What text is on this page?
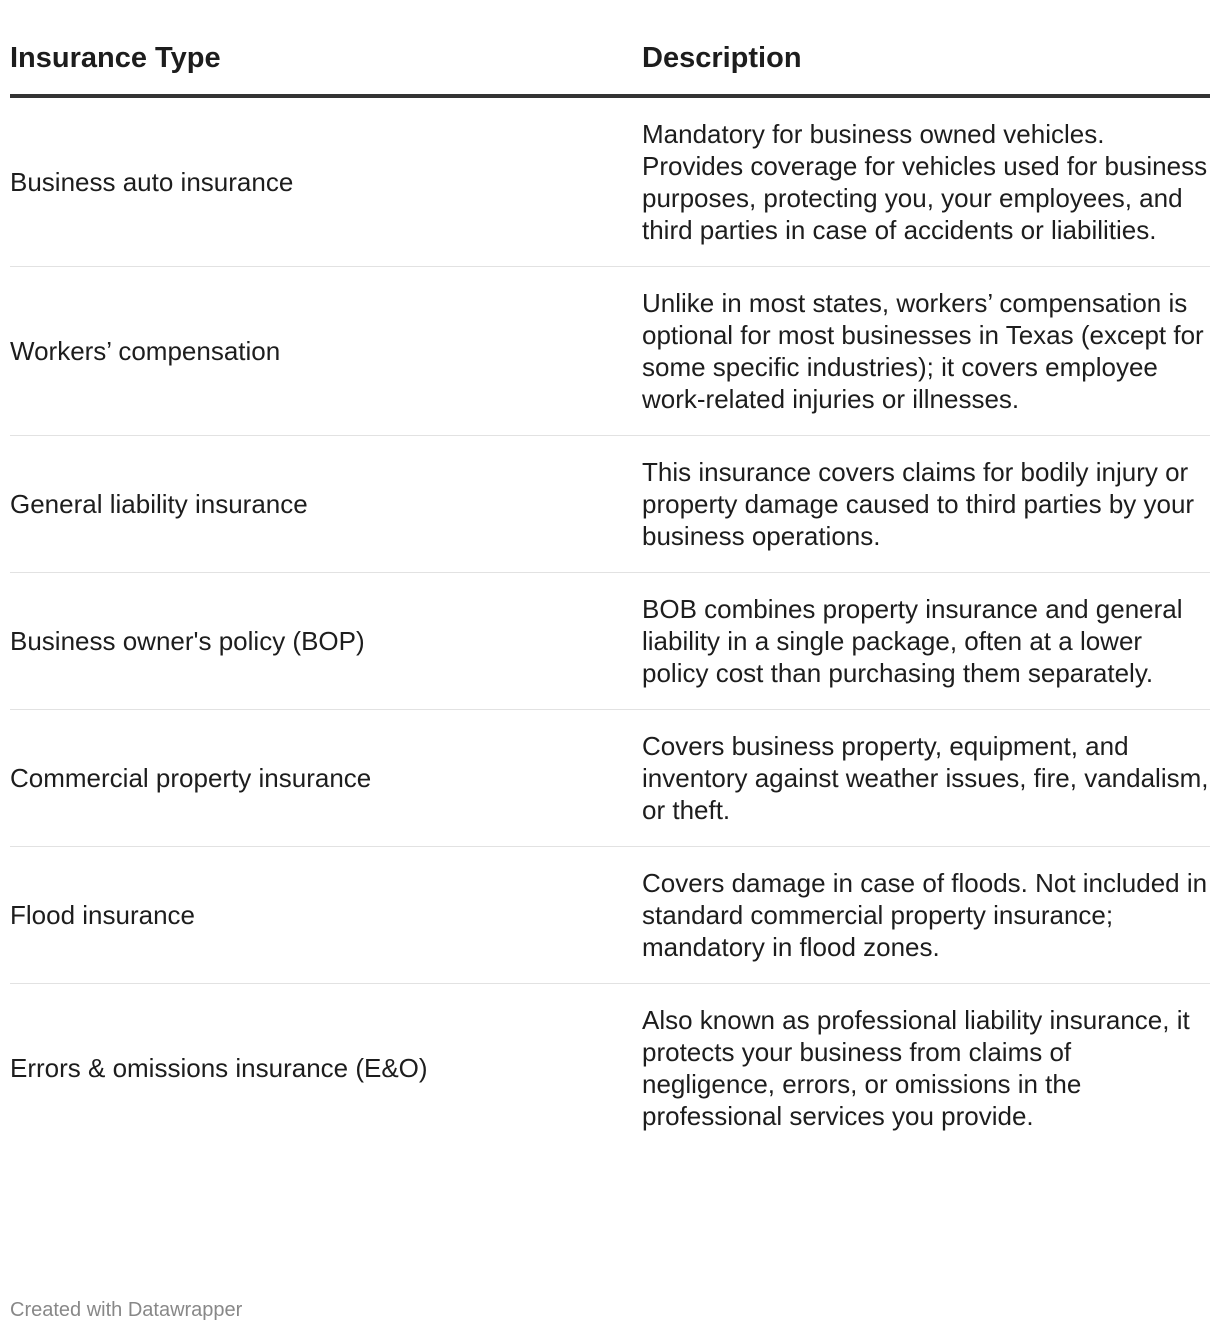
Insurance Type	Description
Business auto insurance
Mandatory for business owned vehicles. Provides coverage for vehicles used for business purposes, protecting you, your employees, and third parties in case of accidents or liabilities.
Workers’ compensation
Unlike in most states, workers’ compensation is optional for most businesses in Texas (except for some specific industries); it covers employee work-related injuries or illnesses.
General liability insurance
This insurance covers claims for bodily injury or property damage caused to third parties by your business operations.
Business owner's policy (BOP)
BOB combines property insurance and general liability in a single package, often at a lower policy cost than purchasing them separately.
Commercial property insurance
Covers business property, equipment, and inventory against weather issues, fire, vandalism, or theft.
Flood insurance
Covers damage in case of floods. Not included in standard commercial property insurance; mandatory in flood zones.
Errors & omissions insurance (E&O)
Also known as professional liability insurance, it protects your business from claims of negligence, errors, or omissions in the professional services you provide.
Created with Datawrapper
